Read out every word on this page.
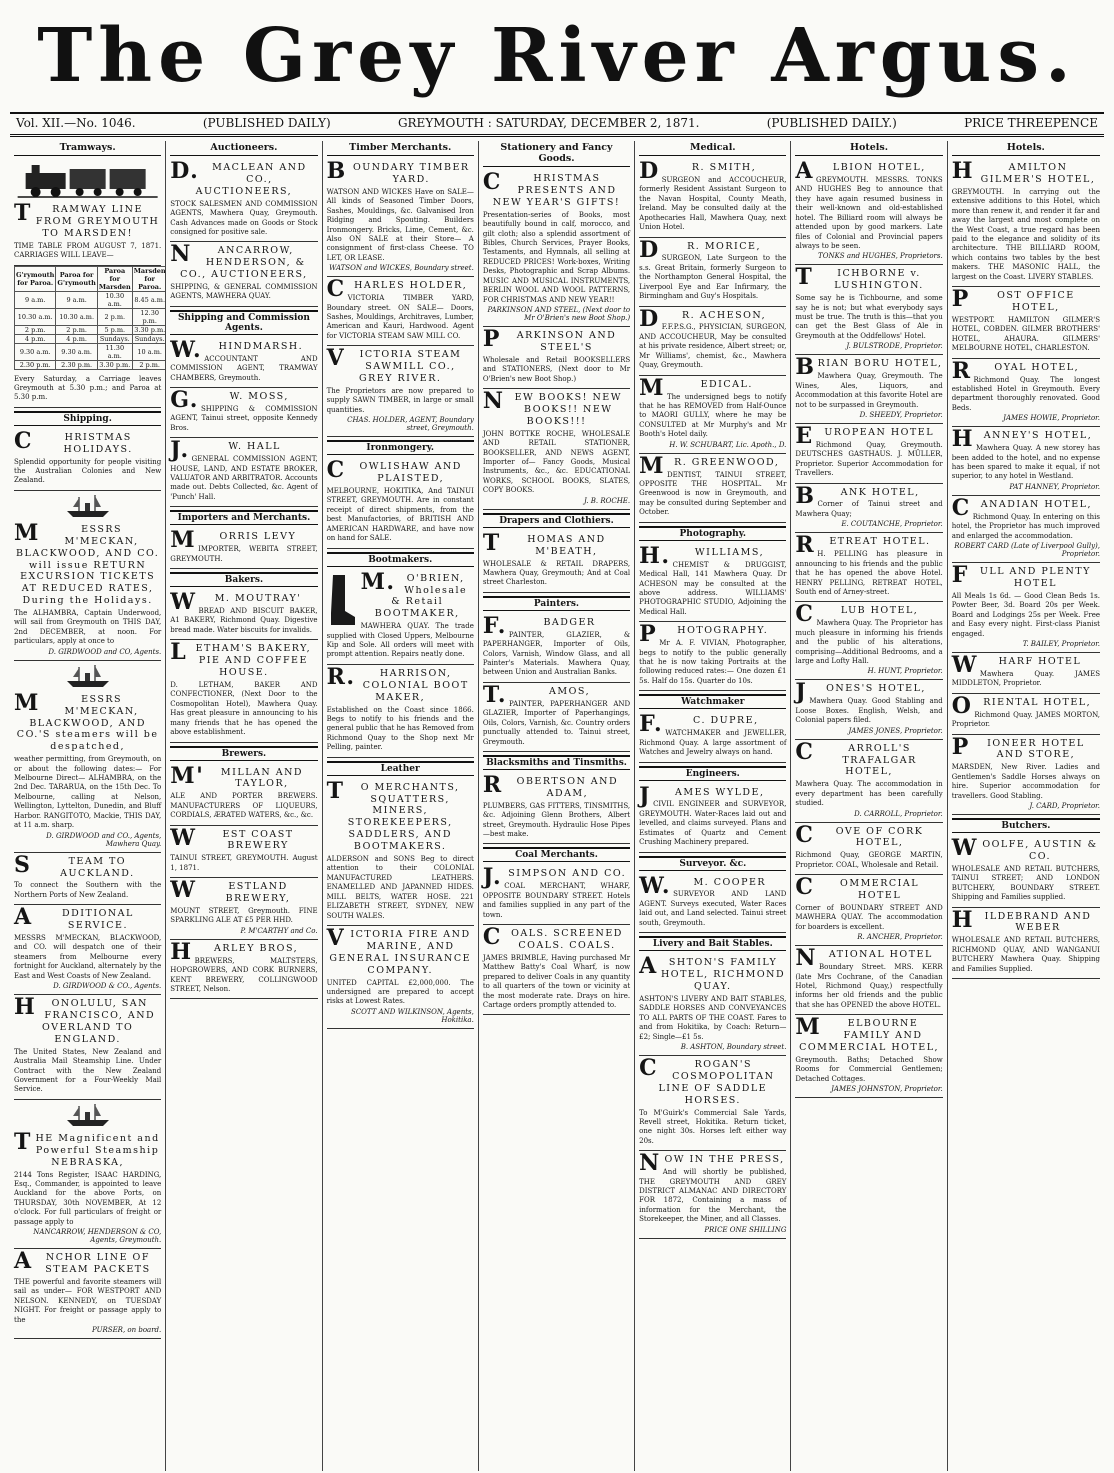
The Grey River Argus.
Vol. XII.—No. 1046.	(PUBLISHED DAILY)	GREYMOUTH : SATURDAY, DECEMBER 2, 1871.	(PUBLISHED DAILY.)	PRICE THREEPENCE
Tramways.
TRAMWAY LINE FROM GREYMOUTH TO MARSDEN!
TIME TABLE FROM AUGUST 7, 1871. CARRIAGES WILL LEAVE—
G'rymouth for Paroa.	Paroa for G'rymouth	Paroa for Marsden	Marsden for Paroa.
9 a.m.	9 a.m.	10.30 a.m.	8.45 a.m.
10.30 a.m.	10.30 a.m.	2 p.m.	12.30 p.m.
2 p.m.	2 p.m.	5 p.m.	3.30 p.m.
4 p.m.	4 p.m.	Sundays.	Sundays.
9.30 a.m.	9.30 a.m.	11.30 a.m.	10 a.m.
2.30 p.m.	2.30 p.m.	3.30 p.m.	2 p.m.
Every Saturday, a Carriage leaves Greymouth at 5.30 p.m.; and Paroa at 5.30 p.m.
Shipping.
CHRISTMAS HOLIDAYS.
Splendid opportunity for people visiting the Australian Colonies and New Zealand.
MESSRS M'MECKAN, BLACKWOOD, AND CO. will issue RETURN EXCURSION TICKETS AT REDUCED RATES, During the Holidays.
The ALHAMBRA, Captain Underwood, will sail from Greymouth on THIS DAY, 2nd DECEMBER, at noon. For particulars, apply at once to
D. GIRDWOOD and CO, Agents.
MESSRS M'MECKAN, BLACKWOOD, AND CO.'S steamers will be despatched,
weather permitting, from Greymouth, on or about the following dates:— For Melbourne Direct— ALHAMBRA, on the 2nd Dec. TARARUA, on the 15th Dec. To Melbourne, calling at Nelson, Wellington, Lyttelton, Dunedin, and Bluff Harbor. RANGITOTO, Mackie, THIS DAY, at 11 a.m. sharp.
D. GIRDWOOD and CO., Agents, Mawhera Quay.
STEAM TO AUCKLAND.
To connect the Southern with the Northern Ports of New Zealand.
ADDITIONAL SERVICE.
MESSRS M'MECKAN, BLACKWOOD, and CO. will despatch one of their steamers from Melbourne every fortnight for Auckland, alternately by the East and West Coasts of New Zealand.
D. GIRDWOOD & CO., Agents.
HONOLULU, SAN FRANCISCO, AND OVERLAND TO ENGLAND.
The United States, New Zealand and Australia Mail Steamship Line. Under Contract with the New Zealand Government for a Four-Weekly Mail Service.
THE Magnificent and Powerful Steamship NEBRASKA,
2144 Tons Register, ISAAC HARDING, Esq., Commander, is appointed to leave Auckland for the above Ports, on THURSDAY, 30th NOVEMBER, At 12 o'clock. For full particulars of freight or passage apply to
NANCARROW, HENDERSON & CO, Agents, Greymouth.
ANCHOR LINE OF STEAM PACKETS
THE powerful and favorite steamers will sail as under— FOR WESTPORT AND NELSON. KENNEDY, on TUESDAY NIGHT. For freight or passage apply to the
PURSER, on board.
Auctioneers.
D.MACLEAN AND CO., AUCTIONEERS,
STOCK SALESMEN AND COMMISSION AGENTS, Mawhera Quay, Greymouth. Cash Advances made on Goods or Stock consigned for positive sale.
NANCARROW, HENDERSON, & CO., AUCTIONEERS,
SHIPPING, & GENERAL COMMISSION AGENTS, MAWHERA QUAY.
Shipping and Commission Agents.
W.HINDMARSH.
ACCOUNTANT AND COMMISSION AGENT, TRAMWAY CHAMBERS, Greymouth.
G.W. MOSS,
SHIPPING & COMMISSION AGENT, Tainui street, opposite Kennedy Bros.
J.W. HALL
GENERAL COMMISSION AGENT, HOUSE, LAND, AND ESTATE BROKER, VALUATOR AND ARBITRATOR. Accounts made out. Debts Collected, &c. Agent of 'Punch' Hall.
Importers and Merchants.
MORRIS LEVY
IMPORTER, WEBITA STREET, GREYMOUTH.
Bakers.
WM. MOUTRAY'
BREAD AND BISCUIT BAKER, A1 BAKERY, Richmond Quay. Digestive bread made. Water biscuits for invalids.
LETHAM'S BAKERY, PIE AND COFFEE HOUSE.
D. LETHAM, BAKER AND CONFECTIONER, (Next Door to the Cosmopolitan Hotel), Mawhera Quay. Has great pleasure in announcing to his many friends that he has opened the above establishment.
Brewers.
M'MILLAN AND TAYLOR,
ALE AND PORTER BREWERS. MANUFACTURERS OF LIQUEURS, CORDIALS, ÆRATED WATERS, &c., &c.
WEST COAST BREWERY
TAINUI STREET, GREYMOUTH. August 1, 1871.
WESTLAND BREWERY,
MOUNT STREET, Greymouth. FINE SPARKLING ALE AT £5 PER HHD.
P. M'CARTHY and Co.
HARLEY BROS,
BREWERS, MALTSTERS, HOPGROWERS, AND CORK BURNERS, KENT BREWERY, COLLINGWOOD STREET, Nelson.
Timber Merchants.
BOUNDARY TIMBER YARD.
WATSON AND WICKES Have on SALE— All kinds of Seasoned Timber Doors, Sashes, Mouldings, &c. Galvanised Iron Ridging and Spouting. Builders Ironmongery. Bricks, Lime, Cement, &c. Also ON SALE at their Store— A consignment of first-class Cheese. TO LET, OR LEASE.
WATSON and WICKES, Boundary street.
CHARLES HOLDER,
VICTORIA TIMBER YARD, Boundary street. ON SALE— Doors, Sashes, Mouldings, Architraves, Lumber, American and Kauri, Hardwood. Agent for VICTORIA STEAM SAW MILL CO.
VICTORIA STEAM SAWMILL CO., GREY RIVER.
The Proprietors are now prepared to supply SAWN TIMBER, in large or small quantities.
CHAS. HOLDER, AGENT, Boundary street, Greymouth.
Ironmongery.
COWLISHAW AND PLAISTED,
MELBOURNE, HOKITIKA, And TAINUI STREET, GREYMOUTH. Are in constant receipt of direct shipments, from the best Manufactories, of BRITISH AND AMERICAN HARDWARE, and have now on hand for SALE.
Bootmakers.
M.O'BRIEN, Wholesale & Retail BOOTMAKER,
MAWHERA QUAY. The trade supplied with Closed Uppers, Melbourne Kip and Sole. All orders will meet with prompt attention. Repairs neatly done.
R.HARRISON, COLONIAL BOOT MAKER,
Established on the Coast since 1866. Begs to notify to his friends and the general public that he has Removed from Richmond Quay to the Shop next Mr Pelling, painter.
Leather
TO MERCHANTS, SQUATTERS, MINERS, STOREKEEPERS, SADDLERS, AND BOOTMAKERS.
ALDERSON and SONS Beg to direct attention to their COLONIAL MANUFACTURED LEATHERS. ENAMELLED AND JAPANNED HIDES. MILL BELTS, WATER HOSE. 221 ELIZABETH STREET, SYDNEY, NEW SOUTH WALES.
VICTORIA FIRE AND MARINE, AND GENERAL INSURANCE COMPANY.
UNITED CAPITAL £2,000,000. The undersigned are prepared to accept risks at Lowest Rates.
SCOTT AND WILKINSON, Agents, Hokitika.
Stationery and Fancy Goods.
CHRISTMAS PRESENTS AND NEW YEAR'S GIFTS!
Presentation-series of Books, most beautifully bound in calf, morocco, and gilt cloth; also a splendid assortment of Bibles, Church Services, Prayer Books, Testaments, and Hymnals, all selling at REDUCED PRICES! Work-boxes, Writing Desks, Photographic and Scrap Albums. MUSIC AND MUSICAL INSTRUMENTS, BERLIN WOOL AND WOOL PATTERNS, FOR CHRISTMAS AND NEW YEAR!!
PARKINSON AND STEEL, (Next door to Mr O'Brien's new Boot Shop.)
PARKINSON AND STEEL'S
Wholesale and Retail BOOKSELLERS and STATIONERS, (Next door to Mr O'Brien's new Boot Shop.)
NEW BOOKS! NEW BOOKS!! NEW BOOKS!!!
JOHN BOTTKE ROCHE, WHOLESALE AND RETAIL STATIONER, BOOKSELLER, AND NEWS AGENT, Importer of— Fancy Goods, Musical Instruments, &c., &c. EDUCATIONAL WORKS, SCHOOL BOOKS, SLATES, COPY BOOKS.
J. B. ROCHE.
Drapers and Clothiers.
THOMAS AND M'BEATH,
WHOLESALE & RETAIL DRAPERS, Mawhera Quay, Greymouth; And at Coal street Charleston.
Painters.
F.BADGER
PAINTER, GLAZIER, & PAPERHANGER, Importer of Oils, Colors, Varnish, Window Glass, and all Painter's Materials. Mawhera Quay, between Union and Australian Banks.
T.AMOS,
PAINTER, PAPERHANGER AND GLAZIER, Importer of Paperhangings, Oils, Colors, Varnish, &c. Country orders punctually attended to. Tainui street, Greymouth.
Blacksmiths and Tinsmiths.
ROBERTSON AND ADAM,
PLUMBERS, GAS FITTERS, TINSMITHS, &c. Adjoining Glenn Brothers, Albert street, Greymouth. Hydraulic Hose Pipes—best make.
Coal Merchants.
J.SIMPSON AND CO.
COAL MERCHANT, WHARF, OPPOSITE BOUNDARY STREET. Hotels and families supplied in any part of the town.
COALS. SCREENED COALS. COALS.
JAMES BRIMBLE, Having purchased Mr Matthew Batty's Coal Wharf, is now prepared to deliver Coals in any quantity to all quarters of the town or vicinity at the most moderate rate. Drays on hire. Cartage orders promptly attended to.
Medical.
DR. SMITH,
SURGEON and ACCOUCHEUR, formerly Resident Assistant Surgeon to the Navan Hospital, County Meath, Ireland. May be consulted daily at the Apothecaries Hall, Mawhera Quay, next Union Hotel.
DR. MORICE,
SURGEON, Late Surgeon to the s.s. Great Britain, formerly Surgeon to the Northampton General Hospital, the Liverpool Eye and Ear Infirmary, the Birmingham and Guy's Hospitals.
DR. ACHESON,
F.F.P.S.G., PHYSICIAN, SURGEON, AND ACCOUCHEUR, May be consulted at his private residence, Albert street; or, Mr Williams', chemist, &c., Mawhera Quay, Greymouth.
MEDICAL.
The undersigned begs to notify that he has REMOVED from Half-Ounce to MAORI GULLY, where he may be CONSULTED at Mr Murphy's and Mr Booth's Hotel daily.
H. W. SCHUBART, Lic. Apoth., D.
MR. GREENWOOD,
DENTIST, TAINUI STREET, OPPOSITE THE HOSPITAL. Mr Greenwood is now in Greymouth, and may be consulted during September and October.
Photography.
H.WILLIAMS,
CHEMIST & DRUGGIST, Medical Hall, 141 Mawhera Quay. Dr ACHESON may be consulted at the above address. WILLIAMS' PHOTOGRAPHIC STUDIO, Adjoining the Medical Hall.
PHOTOGRAPHY.
Mr A. F. VIVIAN, Photographer, begs to notify to the public generally that he is now taking Portraits at the following reduced rates:— One dozen £1 5s. Half do 15s. Quarter do 10s.
Watchmaker
F.C. DUPRE,
WATCHMAKER and JEWELLER, Richmond Quay. A large assortment of Watches and Jewelry always on hand.
Engineers.
JAMES WYLDE,
CIVIL ENGINEER and SURVEYOR, GREYMOUTH. Water-Races laid out and levelled, and claims surveyed. Plans and Estimates of Quartz and Cement Crushing Machinery prepared.
Surveyor. &c.
W.M. COOPER
SURVEYOR AND LAND AGENT. Surveys executed, Water Races laid out, and Land selected. Tainui street south, Greymouth.
Livery and Bait Stables.
ASHTON'S FAMILY HOTEL, RICHMOND QUAY.
ASHTON'S LIVERY AND BAIT STABLES, SADDLE HORSES AND CONVEYANCES TO ALL PARTS OF THE COAST. Fares to and from Hokitika, by Coach: Return—£2; Single—£1 5s.
B. ASHTON, Boundary street.
CROGAN'S COSMOPOLITAN LINE OF SADDLE HORSES.
To M'Guirk's Commercial Sale Yards, Revell street, Hokitika. Return ticket, one night 30s. Horses left either way 20s.
NOW IN THE PRESS,
And will shortly be published, THE GREYMOUTH AND GREY DISTRICT ALMANAC AND DIRECTORY FOR 1872, Containing a mass of information for the Merchant, the Storekeeper, the Miner, and all Classes.
PRICE ONE SHILLING
Hotels.
ALBION HOTEL,
GREYMOUTH. MESSRS. TONKS AND HUGHES Beg to announce that they have again resumed business in their well-known and old-established hotel. The Billiard room will always be attended upon by good markers. Late files of Colonial and Provincial papers always to be seen.
TONKS and HUGHES, Proprietors.
TICHBORNE v. LUSHINGTON.
Some say he is Tichbourne, and some say he is not; but what everybody says must be true. The truth is this—that you can get the Best Glass of Ale in Greymouth at the Oddfellows' Hotel.
J. BULSTRODE, Proprietor.
BRIAN BORU HOTEL,
Mawhera Quay, Greymouth. The Wines, Ales, Liquors, and Accommodation at this favorite Hotel are not to be surpassed in Greymouth.
D. SHEEDY, Proprietor.
EUROPEAN HOTEL
Richmond Quay, Greymouth. DEUTSCHES GASTHAUS. J. MÜLLER, Proprietor. Superior Accommodation for Travellers.
BANK HOTEL,
Corner of Tainui street and Mawhera Quay;
E. COUTANCHE, Proprietor.
RETREAT HOTEL.
H. PELLING has pleasure in announcing to his friends and the public that he has opened the above Hotel. HENRY PELLING, RETREAT HOTEL, South end of Arney-street.
CLUB HOTEL,
Mawhera Quay. The Proprietor has much pleasure in informing his friends and the public of his alterations, comprising—Additional Bedrooms, and a large and Lofty Hall.
H. HUNT, Proprietor.
JONES'S HOTEL,
Mawhera Quay. Good Stabling and Loose Boxes. English, Welsh, and Colonial papers filed.
JAMES JONES, Proprietor.
CARROLL'S TRAFALGAR HOTEL,
Mawhera Quay. The accommodation in every department has been carefully studied.
D. CARROLL, Proprietor.
COVE OF CORK HOTEL,
Richmond Quay, GEORGE MARTIN, Proprietor. COAL, Wholesale and Retail.
COMMERCIAL HOTEL
Corner of BOUNDARY STREET AND MAWHERA QUAY. The accommodation for boarders is excellent.
R. ANCHER, Proprietor.
NATIONAL HOTEL
Boundary Street. MRS. KERR (late Mrs Cochrane, of the Canadian Hotel, Richmond Quay,) respectfully informs her old friends and the public that she has OPENED the above HOTEL.
MELBOURNE FAMILY AND COMMERCIAL HOTEL,
Greymouth. Baths; Detached Show Rooms for Commercial Gentlemen; Detached Cottages.
JAMES JOHNSTON, Proprietor.
Hotels.
HAMILTON GILMER'S HOTEL,
GREYMOUTH. In carrying out the extensive additions to this Hotel, which more than renew it, and render it far and away the largest and most complete on the West Coast, a true regard has been paid to the elegance and solidity of its architecture. THE BILLIARD ROOM, which contains two tables by the best makers. THE MASONIC HALL, the largest on the Coast. LIVERY STABLES.
POST OFFICE HOTEL,
WESTPORT. HAMILTON GILMER'S HOTEL, COBDEN. GILMER BROTHERS' HOTEL, AHAURA. GILMERS' MELBOURNE HOTEL, CHARLESTON.
ROYAL HOTEL,
Richmond Quay. The longest established Hotel in Greymouth. Every department thoroughly renovated. Good Beds.
JAMES HOWIE, Proprietor.
HANNEY'S HOTEL,
Mawhera Quay. A new storey has been added to the hotel, and no expense has been spared to make it equal, if not superior, to any hotel in Westland.
PAT HANNEY, Proprietor.
CANADIAN HOTEL,
Richmond Quay. In entering on this hotel, the Proprietor has much improved and enlarged the accommodation.
ROBERT CARD (Late of Liverpool Gully), Proprietor.
FULL AND PLENTY HOTEL
All Meals 1s 6d. — Good Clean Beds 1s. Powter Beer, 3d. Board 20s per Week. Board and Lodgings 25s per Week. Free and Easy every night. First-class Pianist engaged.
T. BAILEY, Proprietor.
WHARF HOTEL
Mawhera Quay. JAMES MIDDLETON, Proprietor.
ORIENTAL HOTEL,
Richmond Quay. JAMES MORTON, Proprietor.
PIONEER HOTEL AND STORE,
MARSDEN, New River. Ladies and Gentlemen's Saddle Horses always on hire. Superior accommodation for travellers. Good Stabling.
J. CARD, Proprietor.
Butchers.
WOOLFE, AUSTIN & CO.
WHOLESALE AND RETAIL BUTCHERS, TAINUI STREET; AND LONDON BUTCHERY, BOUNDARY STREET. Shipping and Families supplied.
HILDEBRAND AND WEBER
WHOLESALE AND RETAIL BUTCHERS, RICHMOND QUAY, AND WANGANUI BUTCHERY Mawhera Quay. Shipping and Families Supplied.
